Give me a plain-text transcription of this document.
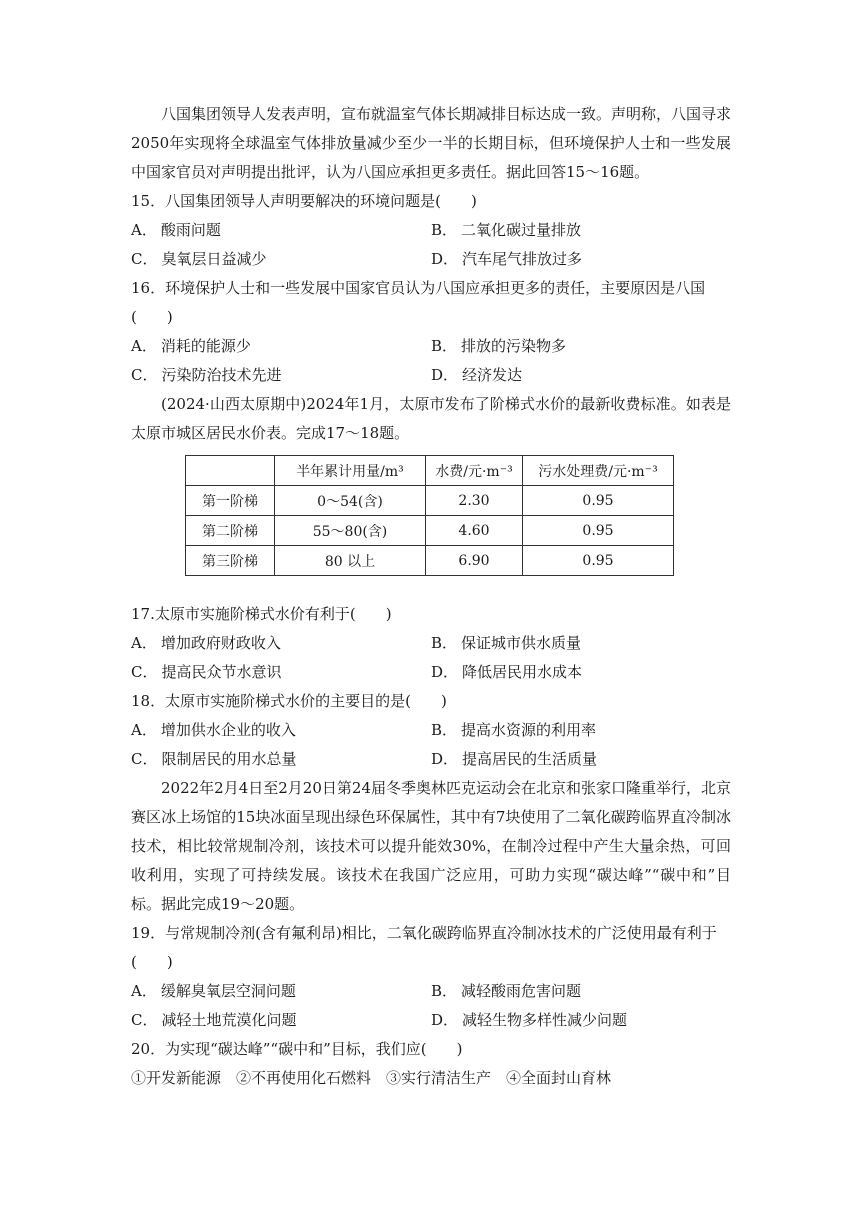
八国集团领导人发表声明，宣布就温室气体长期减排目标达成一致。声明称，八国寻求2050年实现将全球温室气体排放量减少至少一半的长期目标，但环境保护人士和一些发展中国家官员对声明提出批评，认为八国应承担更多责任。据此回答15～16题。

15．八国集团领导人声明要解决的环境问题是(　　)

A． 酸雨问题	B． 二氧化碳过量排放
C． 臭氧层日益减少	D． 汽车尾气排放过多

16．环境保护人士和一些发展中国家官员认为八国应承担更多的责任，主要原因是八国(　　)

A． 消耗的能源少	B． 排放的污染物多
C． 污染防治技术先进	D． 经济发达

(2024·山西太原期中)2024年1月，太原市发布了阶梯式水价的最新收费标准。如表是太原市城区居民水价表。完成17～18题。

	半年累计用量/m³	水费/元·m⁻³	污水处理费/元·m⁻³
第一阶梯	0～54(含)	2.30	0.95
第二阶梯	55～80(含)	4.60	0.95
第三阶梯	80 以上	6.90	0.95

17.太原市实施阶梯式水价有利于(　　)

A． 增加政府财政收入	B． 保证城市供水质量
C． 提高民众节水意识	D． 降低居民用水成本

18．太原市实施阶梯式水价的主要目的是(　　)

A． 增加供水企业的收入	B． 提高水资源的利用率
C． 限制居民的用水总量	D． 提高居民的生活质量

2022年2月4日至2月20日第24届冬季奥林匹克运动会在北京和张家口隆重举行，北京赛区冰上场馆的15块冰面呈现出绿色环保属性，其中有7块使用了二氧化碳跨临界直冷制冰技术，相比较常规制冷剂，该技术可以提升能效30%，在制冷过程中产生大量余热，可回收利用，实现了可持续发展。该技术在我国广泛应用，可助力实现“碳达峰”“碳中和”目标。据此完成19～20题。

19．与常规制冷剂(含有氟利昂)相比，二氧化碳跨临界直冷制冰技术的广泛使用最有利于(　　)

A． 缓解臭氧层空洞问题	B． 减轻酸雨危害问题
C． 减轻土地荒漠化问题	D． 减轻生物多样性减少问题

20．为实现“碳达峰”“碳中和”目标，我们应(　　)

①开发新能源　②不再使用化石燃料　③实行清洁生产　④全面封山育林
